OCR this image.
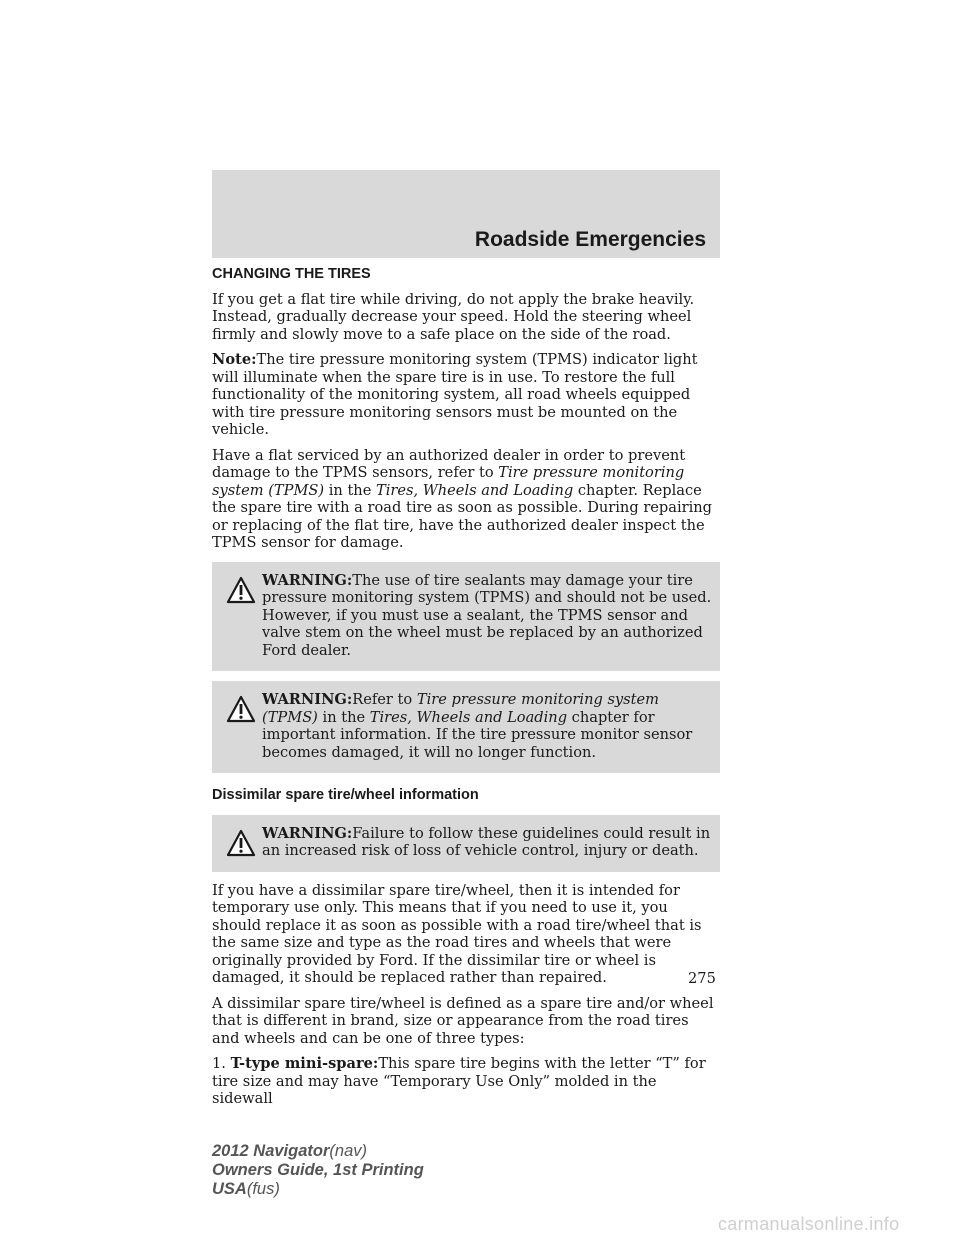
Roadside Emergencies
CHANGING THE TIRES

If you get a flat tire while driving, do not apply the brake heavily. Instead, gradually decrease your speed. Hold the steering wheel firmly and slowly move to a safe place on the side of the road.

Note:The tire pressure monitoring system (TPMS) indicator light will illuminate when the spare tire is in use. To restore the full functionality of the monitoring system, all road wheels equipped with tire pressure monitoring sensors must be mounted on the vehicle.

Have a flat serviced by an authorized dealer in order to prevent damage to the TPMS sensors, refer to Tire pressure monitoring system (TPMS) in the Tires, Wheels and Loading chapter. Replace the spare tire with a road tire as soon as possible. During repairing or replacing of the flat tire, have the authorized dealer inspect the TPMS sensor for damage.

WARNING:The use of tire sealants may damage your tire pressure monitoring system (TPMS) and should not be used. However, if you must use a sealant, the TPMS sensor and valve stem on the wheel must be replaced by an authorized Ford dealer.
WARNING:Refer to Tire pressure monitoring system (TPMS) in the Tires, Wheels and Loading chapter for important information. If the tire pressure monitor sensor becomes damaged, it will no longer function.
Dissimilar spare tire/wheel information
WARNING:Failure to follow these guidelines could result in an increased risk of loss of vehicle control, injury or death.

If you have a dissimilar spare tire/wheel, then it is intended for temporary use only. This means that if you need to use it, you should replace it as soon as possible with a road tire/wheel that is the same size and type as the road tires and wheels that were originally provided by Ford. If the dissimilar tire or wheel is damaged, it should be replaced rather than repaired.

A dissimilar spare tire/wheel is defined as a spare tire and/or wheel that is different in brand, size or appearance from the road tires and wheels and can be one of three types:

1. T-type mini-spare:This spare tire begins with the letter “T” for tire size and may have “Temporary Use Only” molded in the sidewall

275
2012 Navigator(nav)
Owners Guide, 1st Printing
USA(fus)
carmanualsonline.info
